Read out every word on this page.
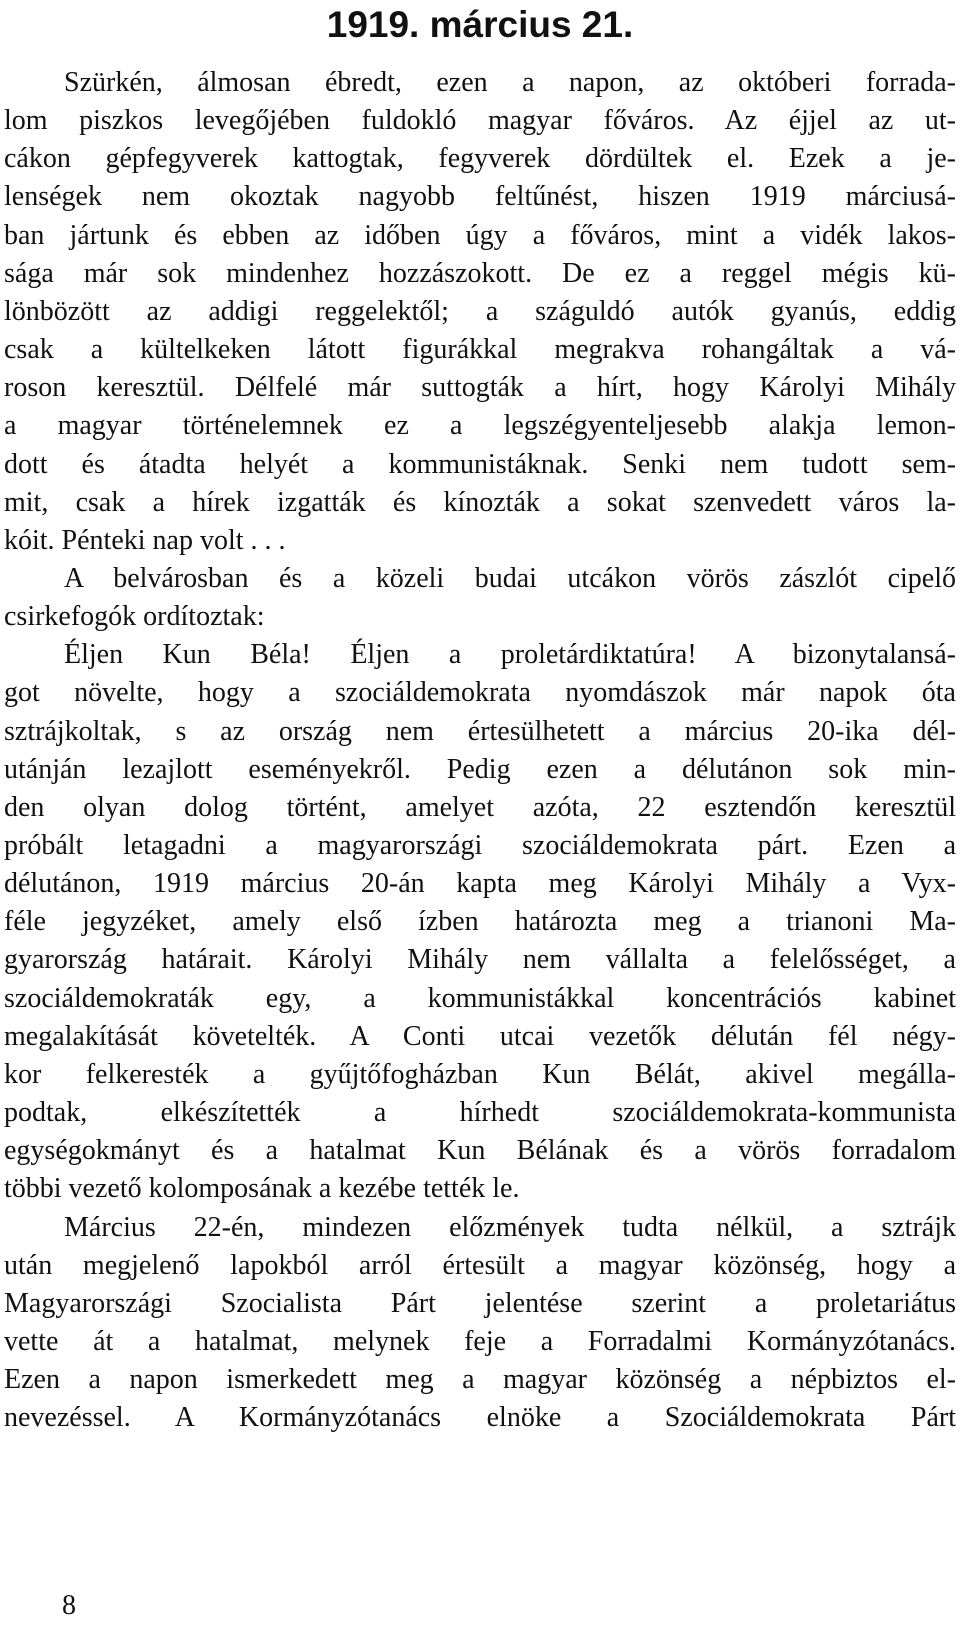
1919. március 21.
Szürkén, álmosan ébredt, ezen a napon, az októberi forrada-
lom piszkos levegőjében fuldokló magyar főváros. Az éjjel az ut-
cákon gépfegyverek kattogtak, fegyverek dördültek el. Ezek a je-
lenségek nem okoztak nagyobb feltűnést, hiszen 1919 márciusá-
ban jártunk és ebben az időben úgy a főváros, mint a vidék lakos-
sága már sok mindenhez hozzászokott. De ez a reggel mégis kü-
lönbözött az addigi reggelektől; a száguldó autók gyanús, eddig
csak a kültelkeken látott figurákkal megrakva rohangáltak a vá-
roson keresztül. Délfelé már suttogták a hírt, hogy Károlyi Mihály
a magyar történelemnek ez a legszégyenteljesebb alakja lemon-
dott és átadta helyét a kommunistáknak. Senki nem tudott sem-
mit, csak a hírek izgatták és kínozták a sokat szenvedett város la-
kóit. Pénteki nap volt . . .
A belvárosban és a közeli budai utcákon vörös zászlót cipelő
csirkefogók ordítoztak:
Éljen Kun Béla! Éljen a proletárdiktatúra! A bizonytalansá-
got növelte, hogy a szociáldemokrata nyomdászok már napok óta
sztrájkoltak, s az ország nem értesülhetett a március 20-ika dél-
utánján lezajlott eseményekről. Pedig ezen a délutánon sok min-
den olyan dolog történt, amelyet azóta, 22 esztendőn keresztül
próbált letagadni a magyarországi szociáldemokrata párt. Ezen a
délutánon, 1919 március 20-án kapta meg Károlyi Mihály a Vyx-
féle jegyzéket, amely első ízben határozta meg a trianoni Ma-
gyarország határait. Károlyi Mihály nem vállalta a felelősséget, a
szociáldemokraták egy, a kommunistákkal koncentrációs kabinet
megalakítását követelték. A Conti utcai vezetők délután fél négy-
kor felkeresték a gyűjtőfogházban Kun Bélát, akivel megálla-
podtak, elkészítették a hírhedt szociáldemokrata-kommunista
egységokmányt és a hatalmat Kun Bélának és a vörös forradalom
többi vezető kolomposának a kezébe tették le.
Március 22-én, mindezen előzmények tudta nélkül, a sztrájk
után megjelenő lapokból arról értesült a magyar közönség, hogy a
Magyarországi Szocialista Párt jelentése szerint a proletariátus
vette át a hatalmat, melynek feje a Forradalmi Kormányzótanács.
Ezen a napon ismerkedett meg a magyar közönség a népbiztos el-
nevezéssel. A Kormányzótanács elnöke a Szociáldemokrata Párt

8
